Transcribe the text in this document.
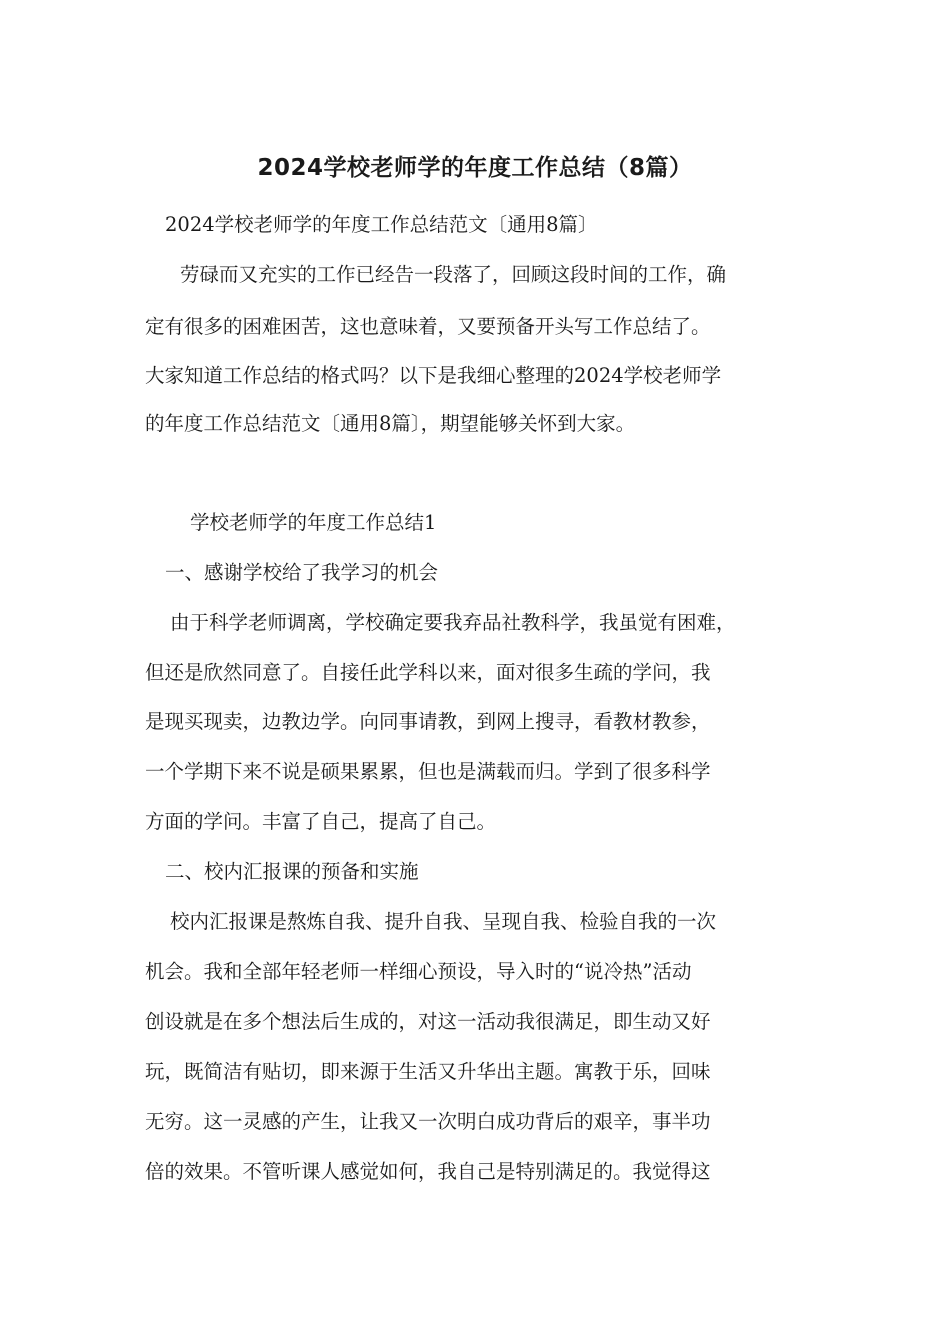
2024学校老师学的年度工作总结（8篇）
2024学校老师学的年度工作总结范文〔通用8篇〕
劳碌而又充实的工作已经告一段落了，回顾这段时间的工作，确
定有很多的困难困苦，这也意味着，又要预备开头写工作总结了。
大家知道工作总结的格式吗？以下是我细心整理的2024学校老师学
的年度工作总结范文〔通用8篇〕，期望能够关怀到大家。
学校老师学的年度工作总结1
一、感谢学校给了我学习的机会
由于科学老师调离，学校确定要我弃品社教科学，我虽觉有困难，
但还是欣然同意了。自接任此学科以来，面对很多生疏的学问，我
是现买现卖，边教边学。向同事请教，到网上搜寻，看教材教参，
一个学期下来不说是硕果累累，但也是满载而归。学到了很多科学
方面的学问。丰富了自己，提高了自己。
二、校内汇报课的预备和实施
校内汇报课是熬炼自我、提升自我、呈现自我、检验自我的一次
机会。我和全部年轻老师一样细心预设，导入时的“说冷热”活动
创设就是在多个想法后生成的，对这一活动我很满足，即生动又好
玩，既简洁有贴切，即来源于生活又升华出主题。寓教于乐，回味
无穷。这一灵感的产生，让我又一次明白成功背后的艰辛，事半功
倍的效果。不管听课人感觉如何，我自己是特别满足的。我觉得这
